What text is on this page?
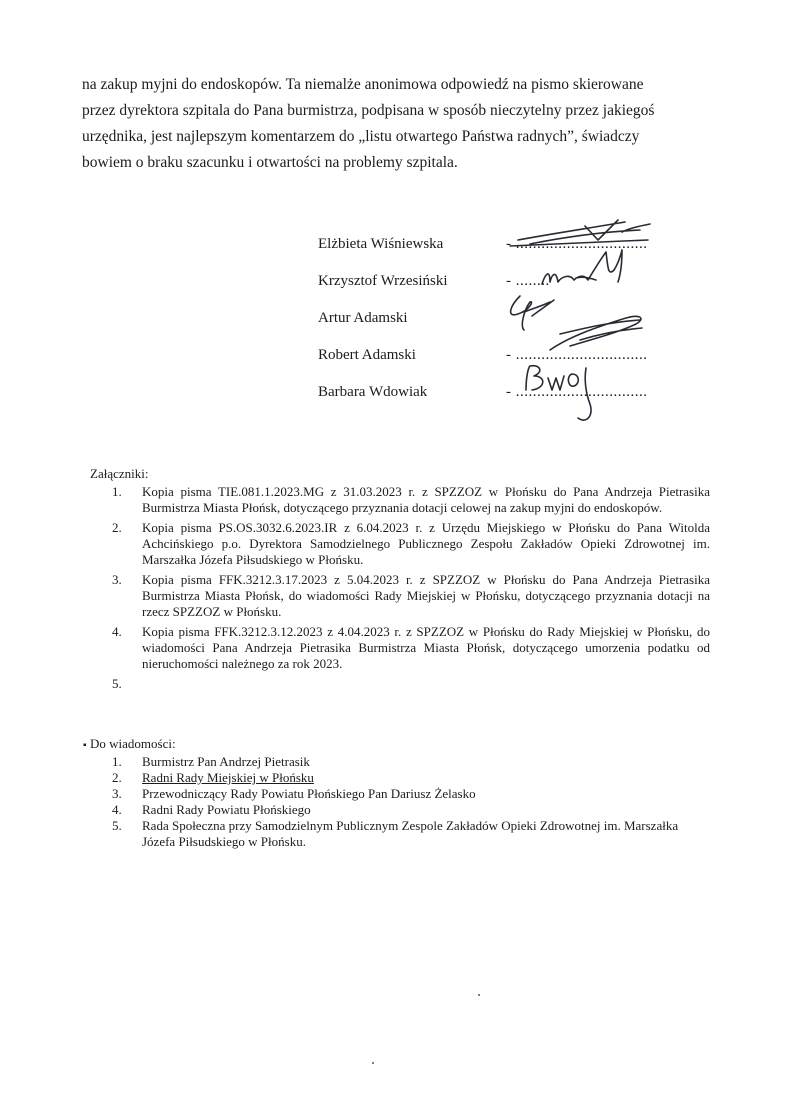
na zakup myjni do endoskopów. Ta niemalże anonimowa odpowiedź na pismo skierowane
przez dyrektora szpitala do Pana burmistrza, podpisana w sposób nieczytelny przez jakiegoś
urzędnika, jest najlepszym komentarzem do „listu otwartego Państwa radnych”, świadczy
bowiem o braku szacunku i otwartości na problemy szpitala.

Elżbieta Wiśniewska	- ...............................
Krzysztof Wrzesiński	- ........
Artur Adamski
Robert Adamski	- ...............................
Barbara Wdowiak	- ...............................

Załączniki:

1. Kopia pisma TIE.081.1.2023.MG z 31.03.2023 r. z SPZZOZ w Płońsku do Pana Andrzeja Pietrasika Burmistrza Miasta Płońsk, dotyczącego przyznania dotacji celowej na zakup myjni do endoskopów.
2. Kopia pisma PS.OS.3032.6.2023.IR z 6.04.2023 r. z Urzędu Miejskiego w Płońsku do Pana Witolda Achcińskiego p.o. Dyrektora Samodzielnego Publicznego Zespołu Zakładów Opieki Zdrowotnej im. Marszałka Józefa Piłsudskiego w Płońsku.
3. Kopia pisma FFK.3212.3.17.2023 z 5.04.2023 r. z SPZZOZ w Płońsku do Pana Andrzeja Pietrasika Burmistrza Miasta Płońsk, do wiadomości Rady Miejskiej w Płońsku, dotyczącego przyznania dotacji na rzecz SPZZOZ w Płońsku.
4. Kopia pisma FFK.3212.3.12.2023 z 4.04.2023 r. z SPZZOZ w Płońsku do Rady Miejskiej w Płońsku, do wiadomości Pana Andrzeja Pietrasika Burmistrza Miasta Płońsk, dotyczącego umorzenia podatku od nieruchomości należnego za rok 2023.
5.
▪ Do wiadomości:

1. Burmistrz Pan Andrzej Pietrasik
2. Radni Rady Miejskiej w Płońsku
3. Przewodniczący Rady Powiatu Płońskiego Pan Dariusz Żelasko
4. Radni Rady Powiatu Płońskiego
5. Rada Społeczna przy Samodzielnym Publicznym Zespole Zakładów Opieki Zdrowotnej im. Marszałka Józefa Piłsudskiego w Płońsku.
